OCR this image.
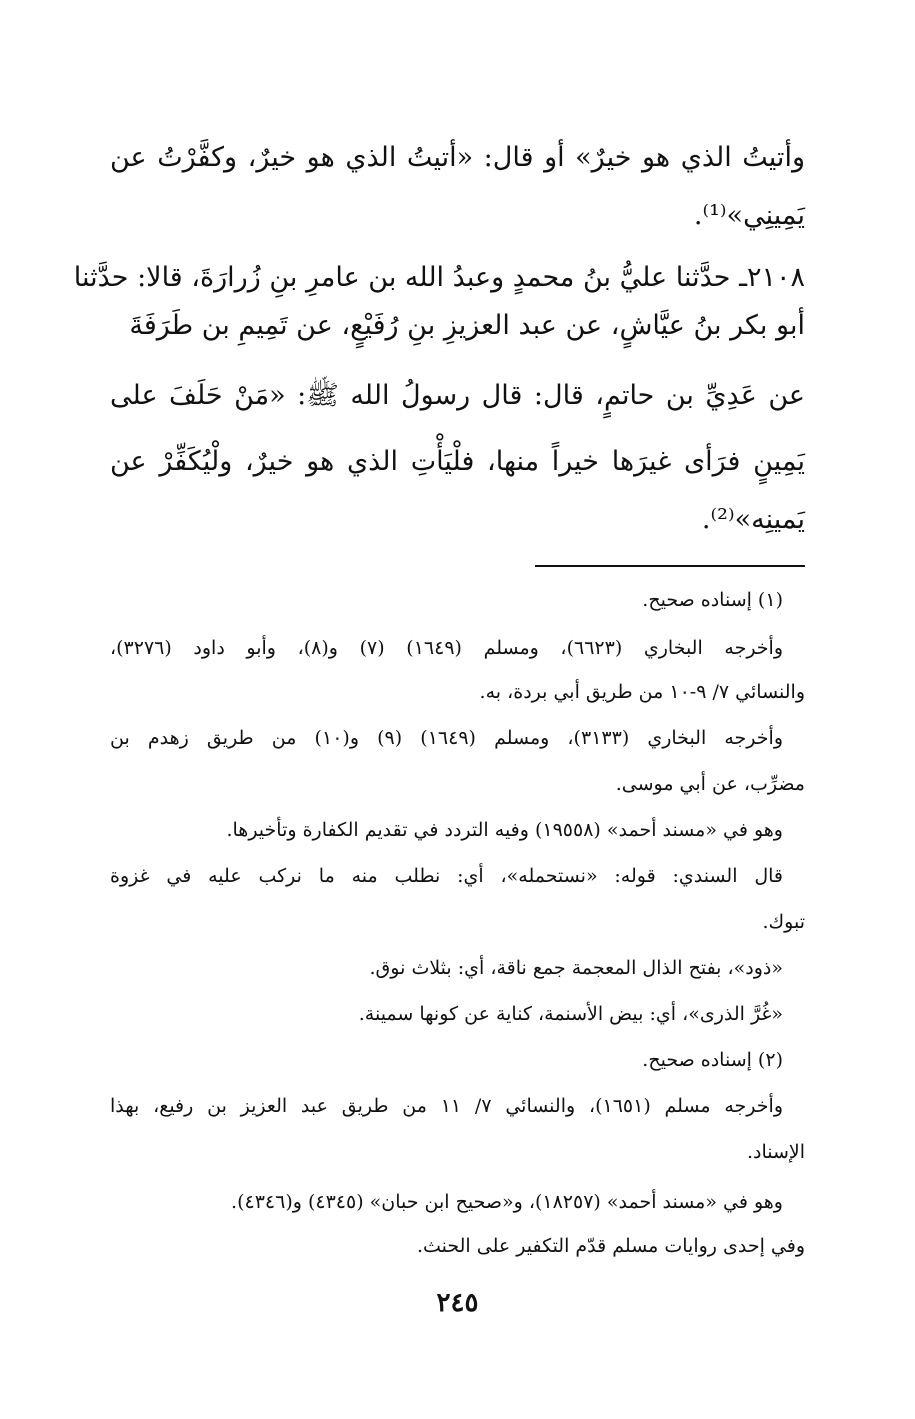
وأتيتُ الذي هو خيرٌ» أو قال: «أتيتُ الذي هو خيرٌ، وكفَّرْتُ عن
يَمِينِي»⁽¹⁾.
٢١٠٨ـ حدَّثنا عليُّ بنُ محمدٍ وعبدُ الله بن عامرِ بنِ زُرارَةَ، قالا: حدَّثنا
أبو بكر بنُ عيَّاشٍ، عن عبد العزيزِ بنِ رُفَيْعٍ، عن تَمِيمِ بن طَرَفَةَ
عن عَدِيِّ بن حاتمٍ، قال: قال رسولُ الله ﷺ: «مَنْ حَلَفَ على
يَمِينٍ فرَأى غيرَها خيراً منها، فلْيَأْتِ الذي هو خيرٌ، ولْيُكَفِّرْ عن
يَمينِه»⁽²⁾.
(١) إسناده صحيح.
وأخرجه البخاري (٦٦٢٣)، ومسلم (١٦٤٩) (٧) و(٨)، وأبو داود (٣٢٧٦)،
والنسائي ٧/ ٩-١٠ من طريق أبي بردة، به.
وأخرجه البخاري (٣١٣٣)، ومسلم (١٦٤٩) (٩) و(١٠) من طريق زهدم بن
مضرِّب، عن أبي موسى.
وهو في «مسند أحمد» (١٩٥٥٨) وفيه التردد في تقديم الكفارة وتأخيرها.
قال السندي: قوله: «نستحمله»، أي: نطلب منه ما نركب عليه في غزوة
تبوك.
«ذود»، بفتح الذال المعجمة جمع ناقة، أي: بثلاث نوق.
«غُرَّ الذرى»، أي: بيض الأسنمة، كناية عن كونها سمينة.
(٢) إسناده صحيح.
وأخرجه مسلم (١٦٥١)، والنسائي ٧/ ١١ من طريق عبد العزيز بن رفيع، بهذا
الإسناد.
وهو في «مسند أحمد» (١٨٢٥٧)، و«صحيح ابن حبان» (٤٣٤٥) و(٤٣٤٦).
وفي إحدى روايات مسلم قدّم التكفير على الحنث.
٢٤٥
